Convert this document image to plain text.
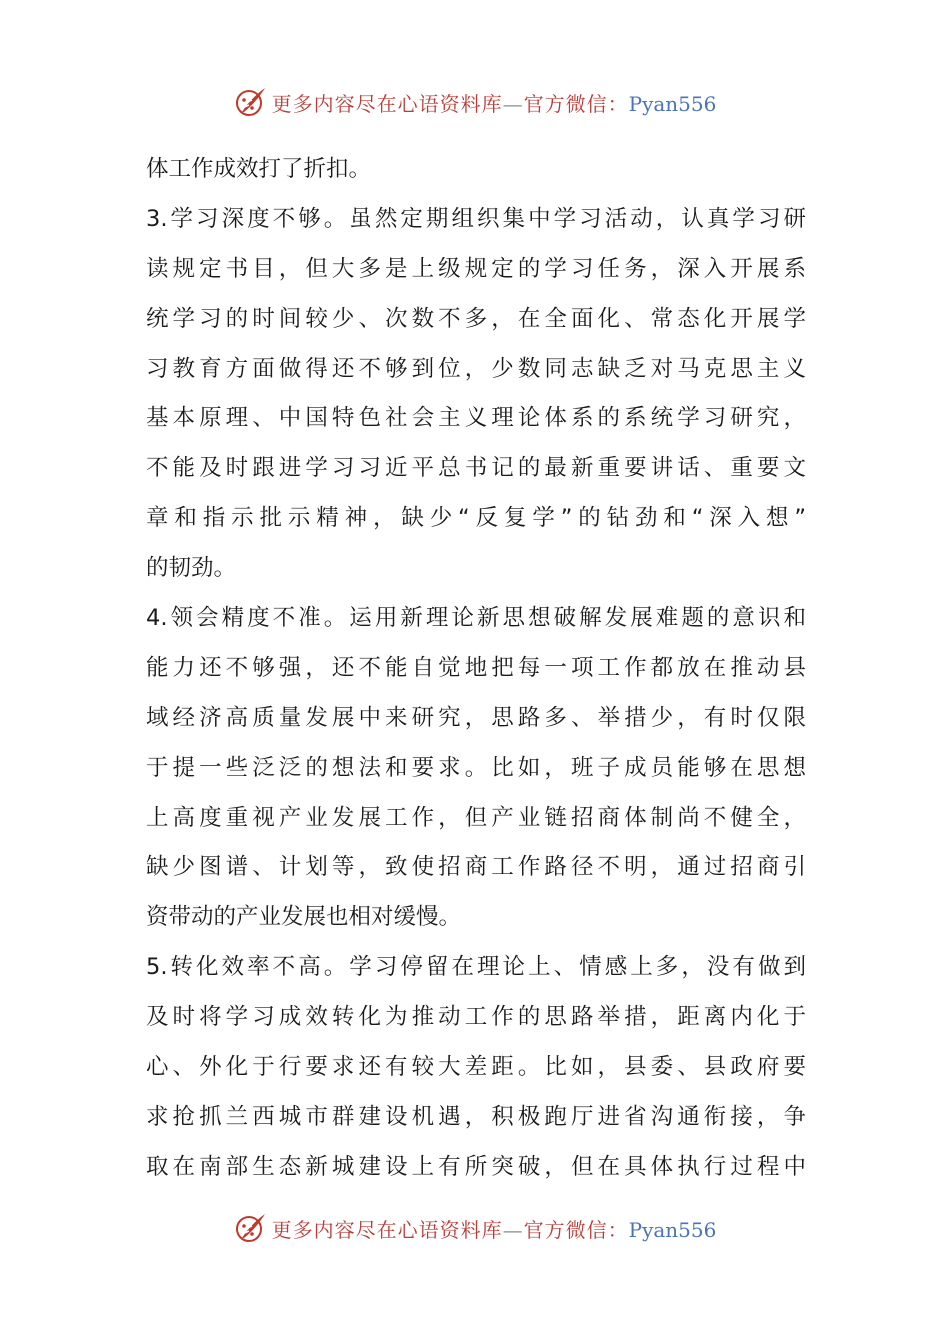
更多内容尽在心语资料库—官方微信：Pyan556
体工作成效打了折扣。
3.学习深度不够。虽然定期组织集中学习活动，认真学习研
读规定书目，但大多是上级规定的学习任务，深入开展系
统学习的时间较少、次数不多，在全面化、常态化开展学
习教育方面做得还不够到位，少数同志缺乏对马克思主义
基本原理、中国特色社会主义理论体系的系统学习研究，
不能及时跟进学习习近平总书记的最新重要讲话、重要文
章和指示批示精神，缺少“反复学”的钻劲和“深入想”
的韧劲。
4.领会精度不准。运用新理论新思想破解发展难题的意识和
能力还不够强，还不能自觉地把每一项工作都放在推动县
域经济高质量发展中来研究，思路多、举措少，有时仅限
于提一些泛泛的想法和要求。比如，班子成员能够在思想
上高度重视产业发展工作，但产业链招商体制尚不健全，
缺少图谱、计划等，致使招商工作路径不明，通过招商引
资带动的产业发展也相对缓慢。
5.转化效率不高。学习停留在理论上、情感上多，没有做到
及时将学习成效转化为推动工作的思路举措，距离内化于
心、外化于行要求还有较大差距。比如，县委、县政府要
求抢抓兰西城市群建设机遇，积极跑厅进省沟通衔接，争
取在南部生态新城建设上有所突破，但在具体执行过程中
更多内容尽在心语资料库—官方微信：Pyan556
